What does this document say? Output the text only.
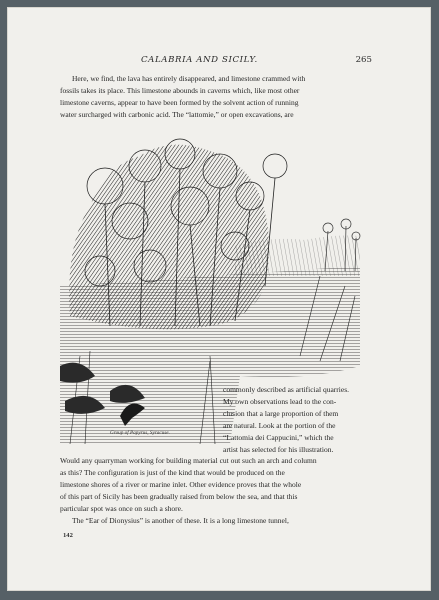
CALABRIA AND SICILY.	265
Here, we find, the lava has entirely disappeared, and limestone crammed with
fossils takes its place. This limestone abounds in caverns which, like most other
limestone caverns, appear to have been formed by the solvent action of running
water surcharged with carbonic acid. The “lattomie,” or open excavations, are
Group of Papyrus, Syracuse.
commonly described as artificial quarries.
My own observations lead to the con-
clusion that a large proportion of them
are natural. Look at the portion of the
“Lattomia dei Cappucini,” which the
artist has selected for his illustration.
Would any quarryman working for building material cut out such an arch and column
as this? The configuration is just of the kind that would be produced on the
limestone shores of a river or marine inlet. Other evidence proves that the whole
of this part of Sicily has been gradually raised from below the sea, and that this
particular spot was once on such a shore.
The “Ear of Dionysius” is another of these. It is a long limestone tunnel,
142
